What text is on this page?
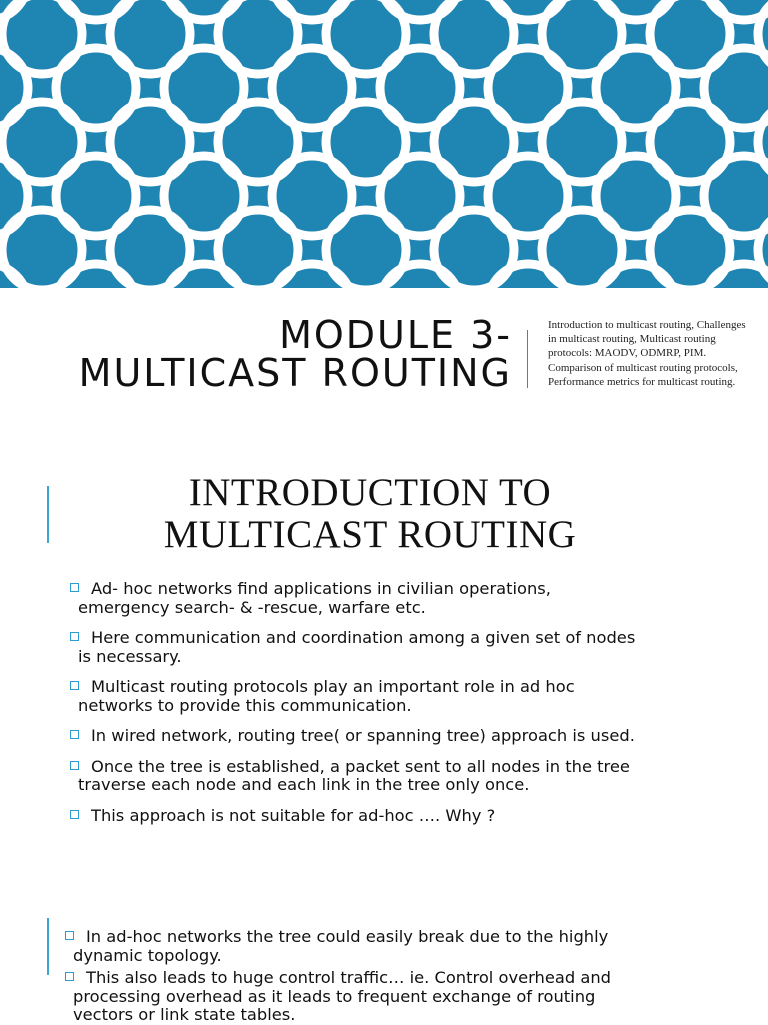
MODULE 3-
MULTICAST ROUTING
Introduction to multicast routing, Challenges in multicast routing, Multicast routing protocols: MAODV, ODMRP, PIM. Comparison of multicast routing protocols, Performance metrics for multicast routing.
INTRODUCTION TO
MULTICAST ROUTING
Ad- hoc networks find applications in civilian operations,
emergency search- & -rescue, warfare etc.
Here communication and coordination among a given set of nodes
is necessary.
Multicast routing protocols play an important role in ad hoc
networks to provide this communication.
In wired network, routing tree( or spanning tree) approach is used.
Once the tree is established, a packet sent to all nodes in the tree
traverse each node and each link in the tree only once.
This approach is not suitable for ad-hoc …. Why ?
In ad-hoc networks the tree could easily break due to the highly
dynamic topology.
This also leads to huge control traffic… ie. Control overhead and
processing overhead as it leads to frequent exchange of routing
vectors or link state tables.
